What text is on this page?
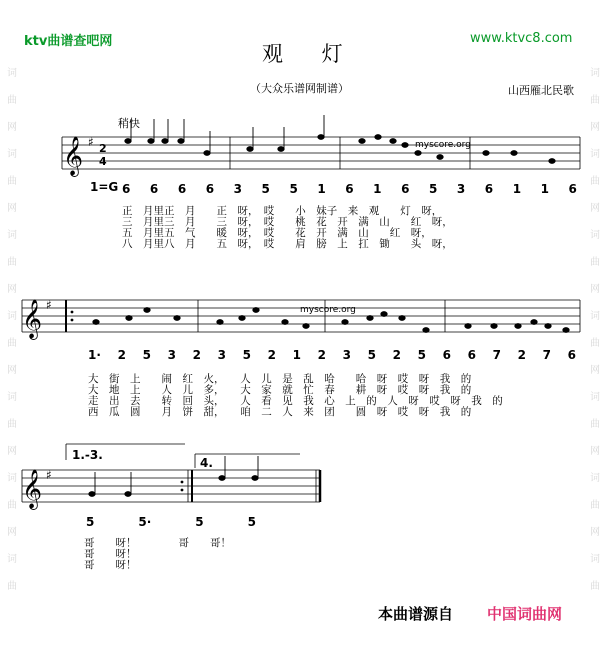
词
曲
网
词
曲
网
词
曲
网
词
曲
网
词
曲
网
词
曲
网
词
曲
词
曲
网
词
曲
网
词
曲
网
词
曲
网
词
曲
网
词
曲
网
词
曲
ktv曲谱查吧网	www.ktvc8.com
观 灯
（大众乐谱网制谱）	山西雁北民歌
稍快
1=G
𝄞 ♯ 2
4
myscore.org
𝄞 ♯	myscore.org
𝄞 ♯
6 6 6 6 3 5 5 1 6 1 6 5 3 6 1 1 6
1· 2 5 3 2 3 5 2 1 2 3 5 2 5 6 6 7 2 7 6
1.-3.
4.
5	5·	5	5
正　月里正　月　　正　呀，　哎　　小　妹子　来　观　　灯　呀，
三　月里三　月　　三　呀，　哎　　桃　花　开　满　山　　红　呀，
五　月里五　气　　暖　呀，　哎　　花　开　满　山　　红　呀，
八　月里八　月　　五　呀，　哎　　肩　膀　上　扛　锄　　头　呀，
大　街　上　　闹　红　火，　　人　儿　是　乱　哈　　哈　呀　哎　呀　我　的
大　地　上　　人　儿　多，　　大　家　就　忙　春　　耕　呀　哎　呀　我　的
走　出　去　　转　回　头，　　人　看　见　我　心　上　的　人　呀　哎　呀　我　的
西　瓜　圆　　月　饼　甜，　　咱　二　人　来　团　　圆　呀　哎　呀　我　的
哥　　呀！　　　　哥　　哥！
哥　　呀！
哥　　呀！
本曲谱源自 中国词曲网
